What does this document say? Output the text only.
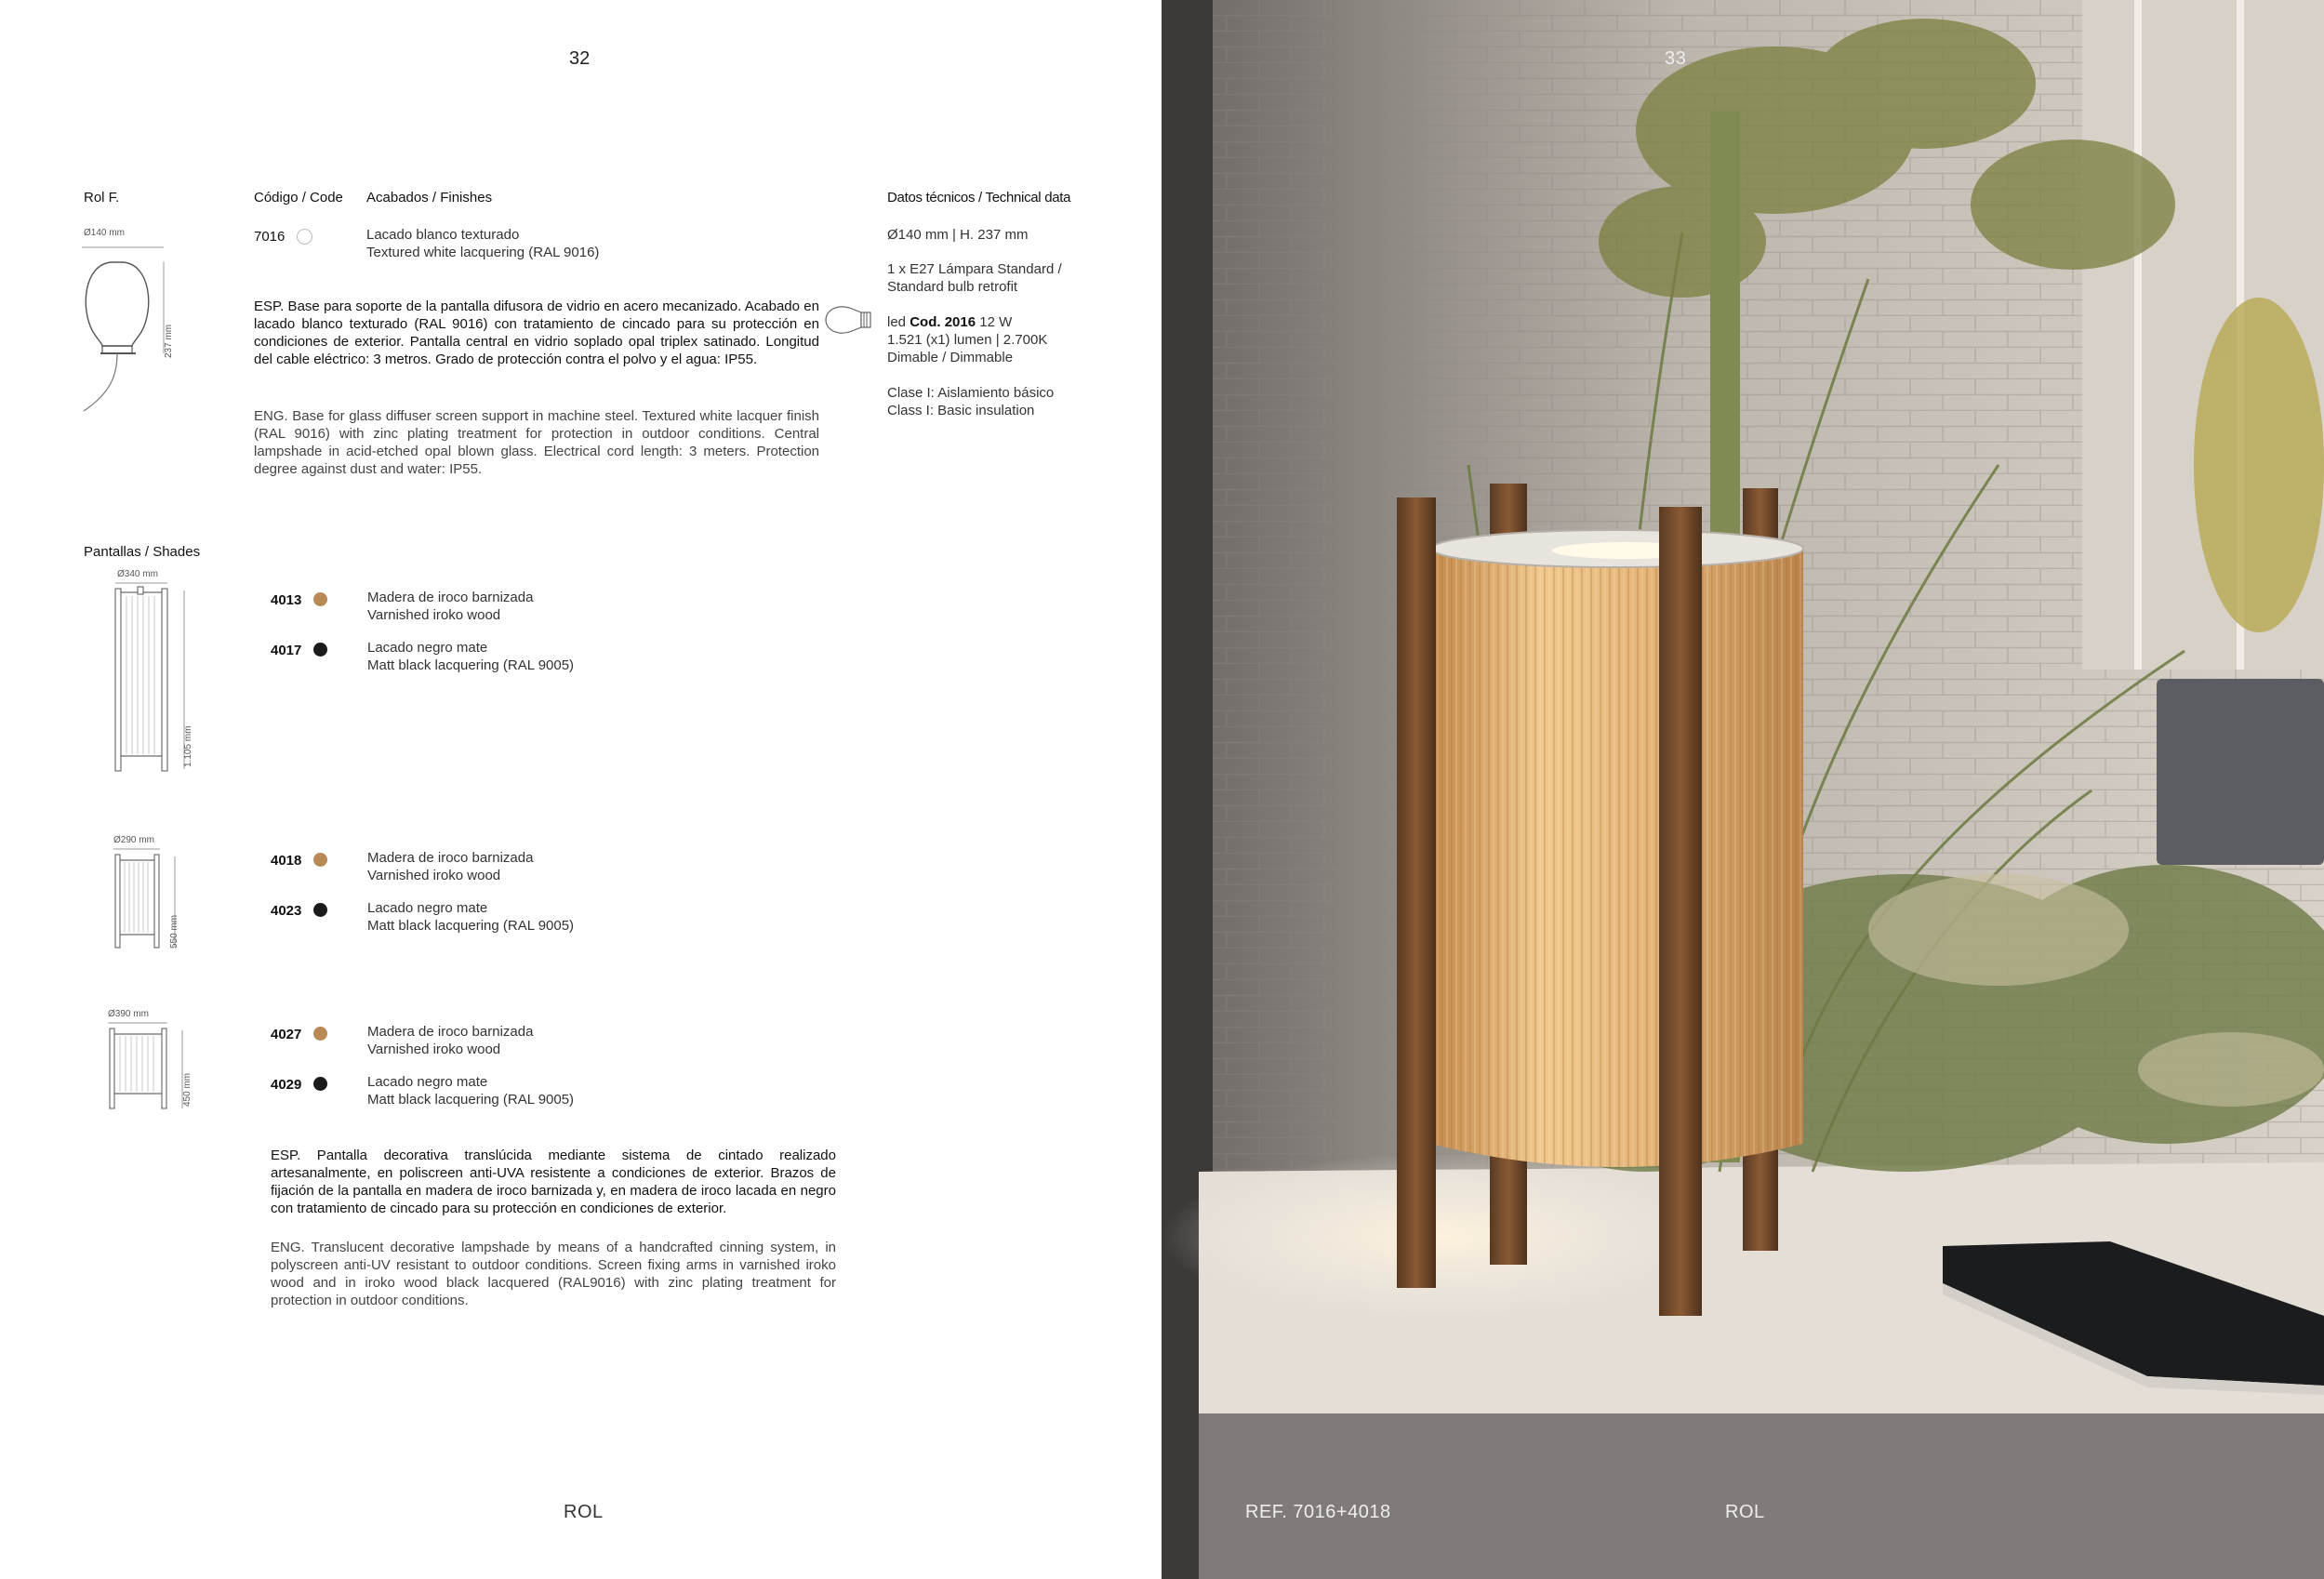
32
Rol F.	Código / Code Acabados / Finishes	Datos técnicos / Technical data
Ø140 mm
237 mm
7016	Lacado blanco texturado
Textured white lacquering (RAL 9016)
ESP. Base para soporte de la pantalla difusora de vidrio en acero mecanizado. Acabado en lacado blanco texturado (RAL 9016) con tratamiento de cincado para su protección en condiciones de exterior. Pantalla central en vidrio soplado opal triplex satinado. Longitud del cable eléctrico: 3 metros. Grado de protección contra el polvo y el agua: IP55.
ENG. Base for glass diffuser screen support in machine steel. Textured white lacquer finish (RAL 9016) with zinc plating treatment for protection in outdoor conditions. Central lampshade in acid-etched opal blown glass. Electrical cord length: 3 meters. Protection degree against dust and water: IP55.
Ø140 mm | H. 237 mm
1 x E27 Lámpara Standard /
Standard bulb retrofit
led Cod. 2016 12 W
1.521 (x1) lumen | 2.700K
Dimable / Dimmable
Clase I: Aislamiento básico
Class I: Basic insulation
Pantallas / Shades
Ø340 mm
1.105 mm
4013	Madera de iroco barnizada
Varnished iroko wood
4017	Lacado negro mate
Matt black lacquering (RAL 9005)
Ø290 mm
550 mm
4018	Madera de iroco barnizada
Varnished iroko wood
4023	Lacado negro mate
Matt black lacquering (RAL 9005)
Ø390 mm
450 mm
4027	Madera de iroco barnizada
Varnished iroko wood
4029	Lacado negro mate
Matt black lacquering (RAL 9005)
ESP. Pantalla decorativa translúcida mediante sistema de cintado realizado artesanalmente, en poliscreen anti-UVA resistente a condiciones de exterior. Brazos de fijación de la pantalla en madera de iroco barnizada y, en madera de iroco lacada en negro con tratamiento de cincado para su protección en condiciones de exterior.
ENG. Translucent decorative lampshade by means of a handcrafted cinning system, in polyscreen anti-UV resistant to outdoor conditions. Screen fixing arms in varnished iroko wood and in iroko wood black lacquered (RAL9016) with zinc plating treatment for protection in outdoor conditions.
ROL
33
REF. 7016+4018	ROL
